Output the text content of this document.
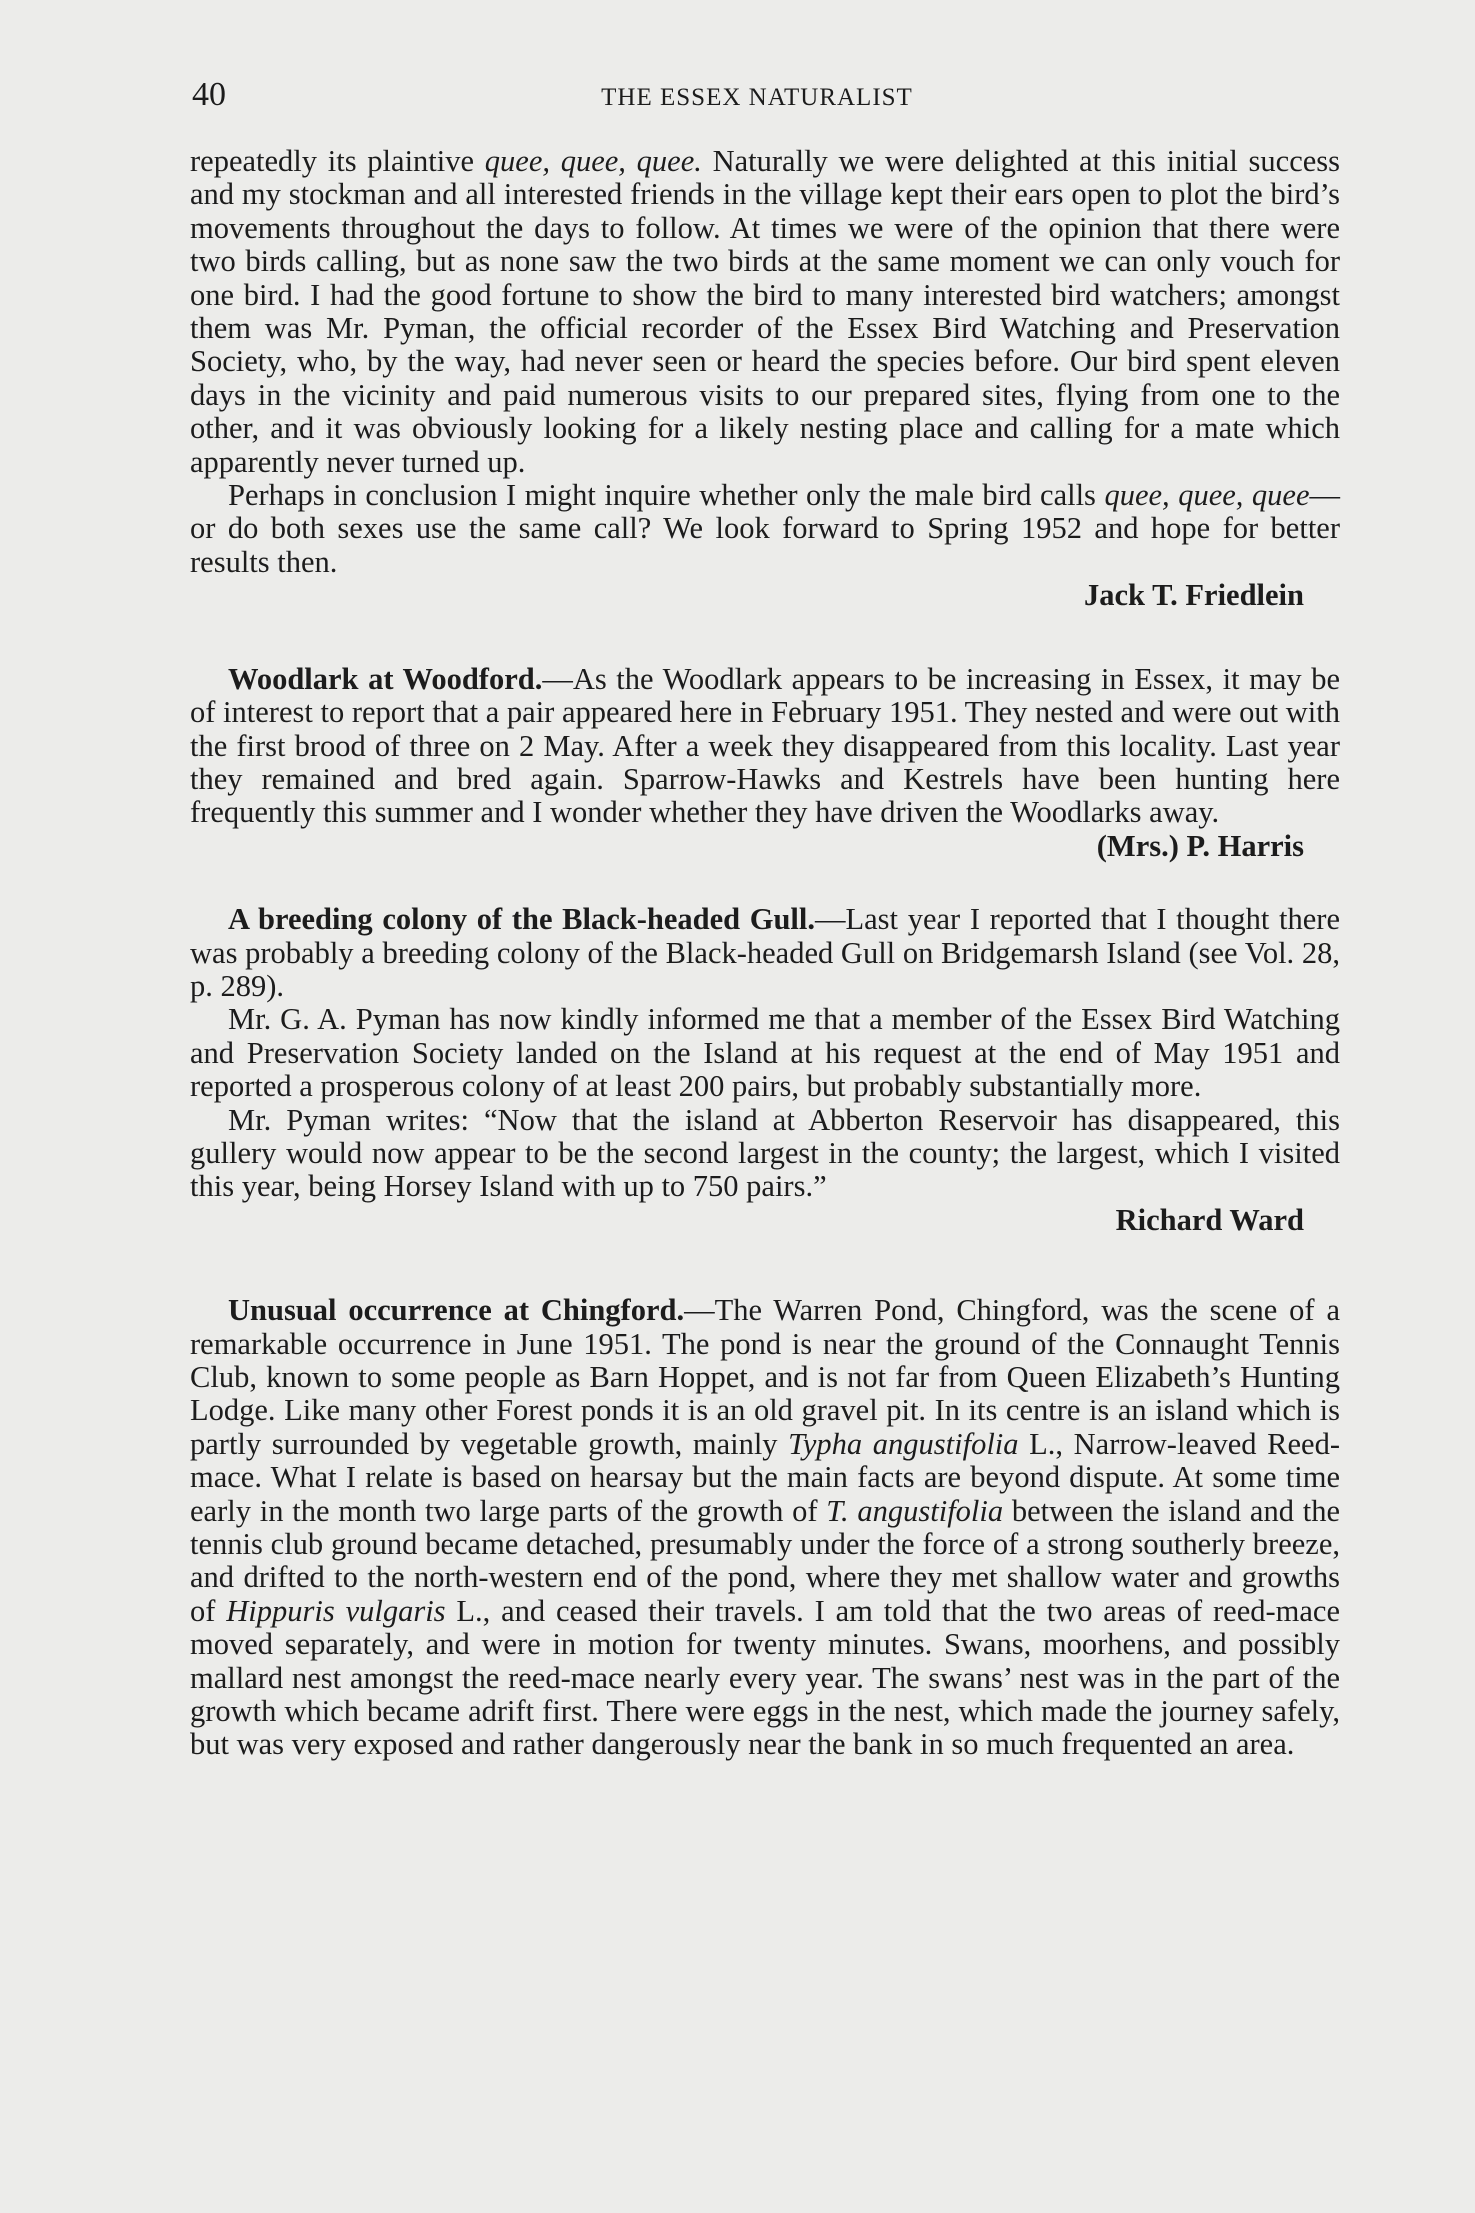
40	THE ESSEX NATURALIST

repeatedly its plaintive quee, quee, quee. Naturally we were delighted at this initial success and my stockman and all interested friends in the village kept their ears open to plot the bird’s movements throughout the days to follow. At times we were of the opinion that there were two birds calling, but as none saw the two birds at the same moment we can only vouch for one bird. I had the good fortune to show the bird to many interested bird watchers; amongst them was Mr. Pyman, the official recorder of the Essex Bird Watching and Preservation Society, who, by the way, had never seen or heard the species before. Our bird spent eleven days in the vicinity and paid numerous visits to our prepared sites, flying from one to the other, and it was obviously looking for a likely nesting place and calling for a mate which apparently never turned up.

Perhaps in conclusion I might inquire whether only the male bird calls quee, quee, quee—or do both sexes use the same call? We look forward to Spring 1952 and hope for better results then.

Jack T. Friedlein

Woodlark at Woodford.—As the Woodlark appears to be increasing in Essex, it may be of interest to report that a pair appeared here in February 1951. They nested and were out with the first brood of three on 2 May. After a week they disappeared from this locality. Last year they remained and bred again. Sparrow-Hawks and Kestrels have been hunting here frequently this summer and I wonder whether they have driven the Woodlarks away.

(Mrs.) P. Harris

A breeding colony of the Black-headed Gull.—Last year I reported that I thought there was probably a breeding colony of the Black-headed Gull on Bridgemarsh Island (see Vol. 28, p. 289).

Mr. G. A. Pyman has now kindly informed me that a member of the Essex Bird Watching and Preservation Society landed on the Island at his request at the end of May 1951 and reported a prosperous colony of at least 200 pairs, but probably substantially more.

Mr. Pyman writes: “Now that the island at Abberton Reservoir has disappeared, this gullery would now appear to be the second largest in the county; the largest, which I visited this year, being Horsey Island with up to 750 pairs.”

Richard Ward

Unusual occurrence at Chingford.—The Warren Pond, Chingford, was the scene of a remarkable occurrence in June 1951. The pond is near the ground of the Connaught Tennis Club, known to some people as Barn Hoppet, and is not far from Queen Elizabeth’s Hunting Lodge. Like many other Forest ponds it is an old gravel pit. In its centre is an island which is partly surrounded by vegetable growth, mainly Typha angustifolia L., Narrow-leaved Reed-mace. What I relate is based on hearsay but the main facts are beyond dispute. At some time early in the month two large parts of the growth of T. angustifolia between the island and the tennis club ground became detached, presumably under the force of a strong southerly breeze, and drifted to the north-western end of the pond, where they met shallow water and growths of Hippuris vulgaris L., and ceased their travels. I am told that the two areas of reed-mace moved separately, and were in motion for twenty minutes. Swans, moorhens, and possibly mallard nest amongst the reed-mace nearly every year. The swans’ nest was in the part of the growth which became adrift first. There were eggs in the nest, which made the journey safely, but was very exposed and rather dangerously near the bank in so much frequented an area.
